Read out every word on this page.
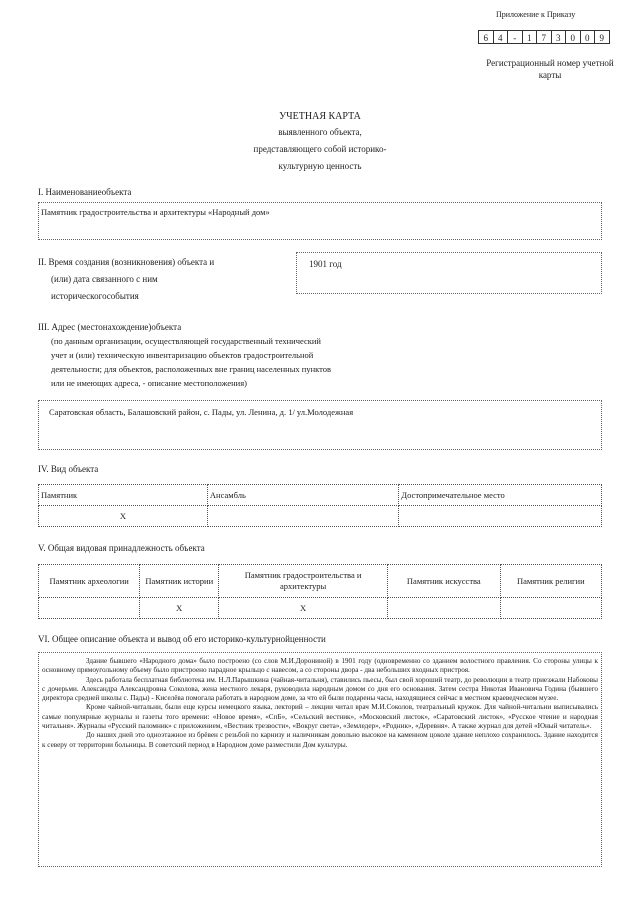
Приложение к Приказу
6	4	-	1	7	3	0	0	9
Регистрационный номер учетной
карты
УЧЕТНАЯ КАРТА
выявленного объекта,
представляющего собой историко-
культурную ценность
I. Наименованиеобъекта
Памятник градостроительства и архитектуры «Народный дом»
II. Время создания (возникновения) объекта и
(или) дата связанного с ним
историческогособытия
1901 год
III. Адрес (местонахождение)объекта
(по данным организации, осуществляющей государственный технический
учет и (или) техническую инвентаризацию объектов градостроительной
деятельности; для объектов, расположенных вне границ населенных пунктов
или не имеющих адреса, - описание местоположения)
Саратовская область, Балашовский район, с. Пады, ул. Ленина, д. 1/ ул.Молодежная
IV. Вид объекта
Памятник	Ансамбль	Достопримечательное место
X		
V. Общая видовая принадлежность объекта
Памятник археологии	Памятник истории	Памятник градостроительства и архитектуры	Памятник искусства	Памятник религии
	X	X		
VI. Общее описание объекта и вывод об его историко-культурнойценности

Здание бывшего «Народного дома» было построено (со слов М.И.Дорониной) в 1901 году (одновременно со зданием волостного правления. Со стороны улицы к основному прямоугольному объему было пристроено парадное крыльцо с навесом, а со стороны двора - два небольших входных пристроя.

Здесь работала бесплатная библиотека им. Н.Л.Парышкина (чайная-читальня), ставились пьесы, был свой хороший театр, до революции в театр приезжали Набоковы с дочерьми. Александра Александровна Соколова, жена местного лекаря, руководила народным домом со дня его основания. Затем сестра Никотая Ивановича Година (бывшего директора средней школы с. Пады) - Киселёва помогала работать в народном доме, за что ей были подарены часы, находящиеся сейчас в местном краеведческом музее.

Кроме чайной-читальни, были еще курсы немецкого языка, лекторий – лекции читал врач М.И.Соколов, театральный кружок. Для чайной-читальни выписывались самые популярные журналы и газеты того времени: «Новое время», «СпБ», «Сельский вестник», «Московский листок», «Саратовский листок», «Русское чтение и народная читальня». Журналы «Русский паломник» с приложением, «Вестник трезвости», «Вокруг света», «Земледер», «Родник», «Деревня». А также журнал для детей «Юный читатель».

До наших дней это одноэтажное из брёвен с резьбой по карнизу и наличникам довольно высокое на каменном цоколе здание неплохо сохранилось. Здание находится к северу от территории больницы. В советский период в Народном доме разместили Дом культуры.
